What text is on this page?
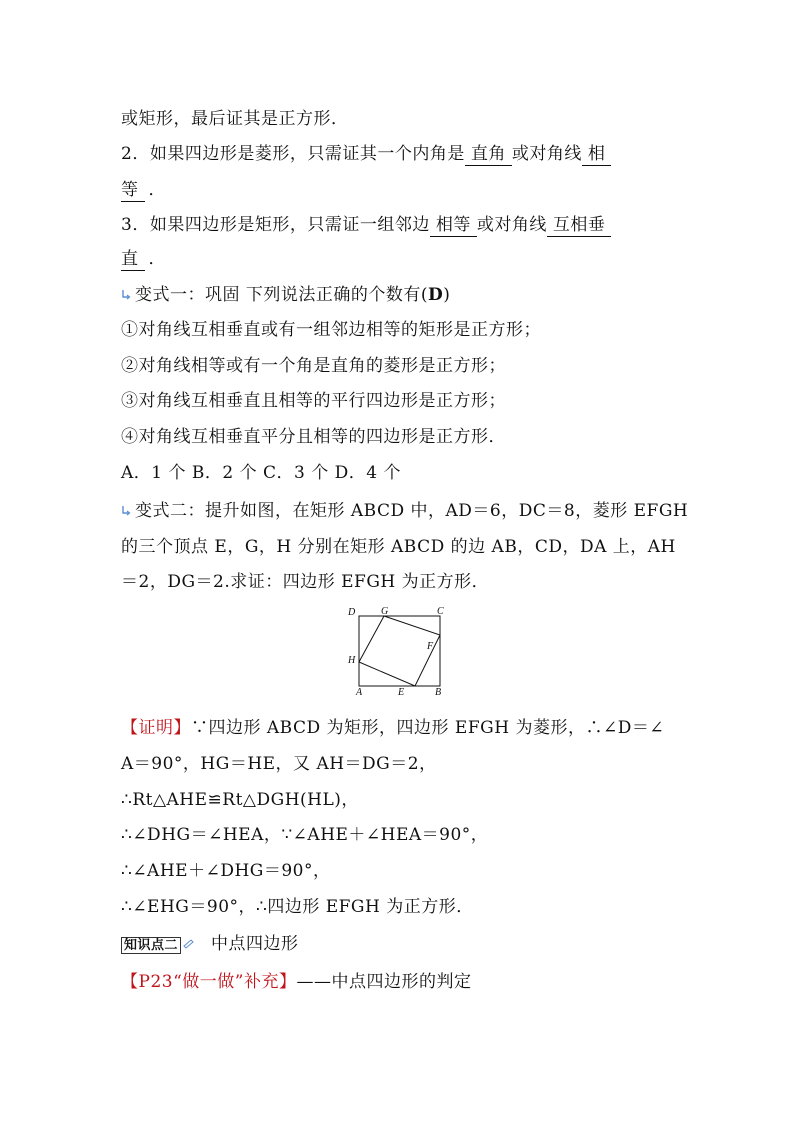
或矩形，最后证其是正方形．
2．如果四边形是菱形，只需证其一个内角是 直角 或对角线 相
等 ．
3．如果四边形是矩形，只需证一组邻边 相等 或对角线 互相垂
直 ．
变式一：巩固 下列说法正确的个数有(D)
①对角线互相垂直或有一组邻边相等的矩形是正方形；
②对角线相等或有一个角是直角的菱形是正方形；
③对角线互相垂直且相等的平行四边形是正方形；
④对角线互相垂直平分且相等的四边形是正方形．
A．1 个 B．2 个 C．3 个 D．4 个
变式二：提升如图，在矩形 ABCD 中，AD＝6，DC＝8，菱形 EFGH
的三个顶点 E，G，H 分别在矩形 ABCD 的边 AB，CD，DA 上，AH
＝2，DG＝2.求证：四边形 EFGH 为正方形．
【证明】∵四边形 ABCD 为矩形，四边形 EFGH 为菱形，∴∠D＝∠
A＝90°，HG＝HE，又 AH＝DG＝2，
∴Rt△AHE≌Rt△DGH(HL)，
∴∠DHG＝∠HEA，∵∠AHE＋∠HEA＝90°，
∴∠AHE＋∠DHG＝90°，
∴∠EHG＝90°，∴四边形 EFGH 为正方形．
知识点二 中点四边形
【P23“做一做”补充】——中点四边形的判定
D	G	C
H
F
A	E	B
